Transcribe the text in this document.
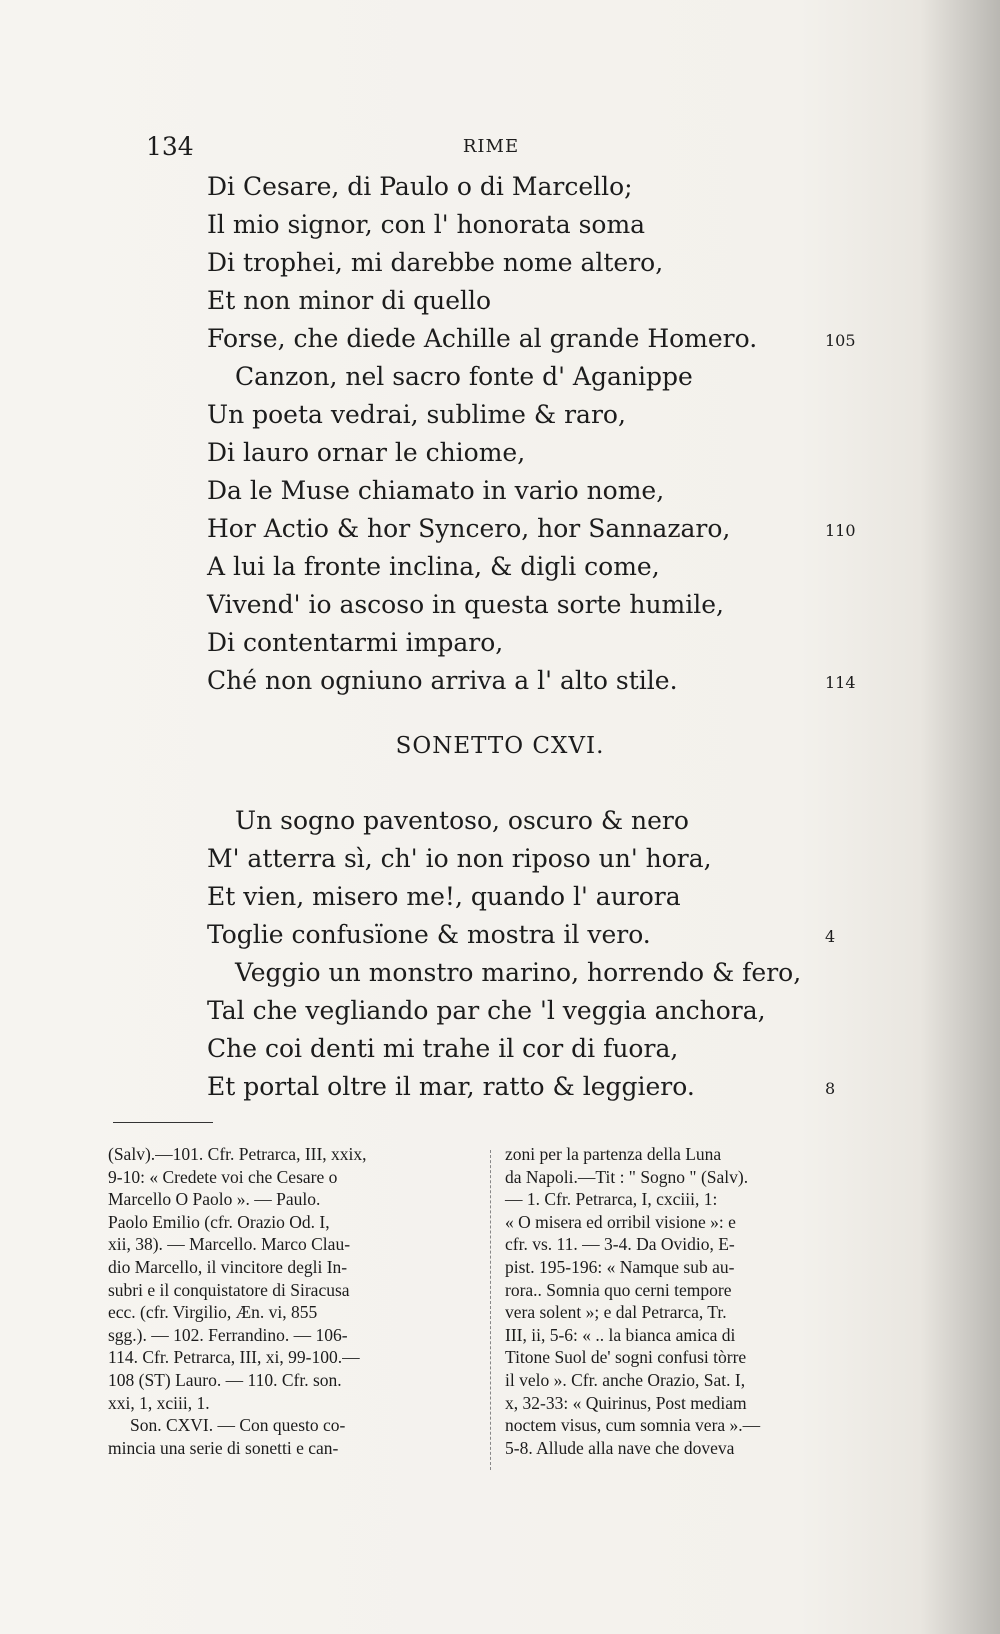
134	RIME
Di Cesare, di Paulo o di Marcello;
Il mio signor, con l' honorata soma
Di trophei, mi darebbe nome altero,
Et non minor di quello
Forse, che diede Achille al grande Homero.	105
Canzon, nel sacro fonte d' Aganippe
Un poeta vedrai, sublime & raro,
Di lauro ornar le chiome,
Da le Muse chiamato in vario nome,
Hor Actio & hor Syncero, hor Sannazaro,	110
A lui la fronte inclina, & digli come,
Vivend' io ascoso in questa sorte humile,
Di contentarmi imparo,
Ché non ogniuno arriva a l' alto stile.	114
SONETTO CXVI.
Un sogno paventoso, oscuro & nero
M' atterra sì, ch' io non riposo un' hora,
Et vien, misero me!, quando l' aurora
Toglie confusïone & mostra il vero.	4
Veggio un monstro marino, horrendo & fero,
Tal che vegliando par che 'l veggia anchora,
Che coi denti mi trahe il cor di fuora,
Et portal oltre il mar, ratto & leggiero.	8
(Salv).—101. Cfr. Petrarca, III, xxix,
9-10: « Credete voi che Cesare o
Marcello O Paolo ». — Paulo.
Paolo Emilio (cfr. Orazio Od. I,
xii, 38). — Marcello. Marco Clau-
dio Marcello, il vincitore degli In-
subri e il conquistatore di Siracusa
ecc. (cfr. Virgilio, Æn. vi, 855
sgg.). — 102. Ferrandino. — 106-
114. Cfr. Petrarca, III, xi, 99-100.—
108 (ST) Lauro. — 110. Cfr. son.
xxi, 1, xciii, 1.
Son. CXVI. — Con questo co-
mincia una serie di sonetti e can-
zoni per la partenza della Luna
da Napoli.—Tit : " Sogno " (Salv).
— 1. Cfr. Petrarca, I, cxciii, 1:
« O misera ed orribil visione »: e
cfr. vs. 11. — 3-4. Da Ovidio, E-
pist. 195-196: « Namque sub au-
rora.. Somnia quo cerni tempore
vera solent »; e dal Petrarca, Tr.
III, ii, 5-6: « .. la bianca amica di
Titone Suol de' sogni confusi tòrre
il velo ». Cfr. anche Orazio, Sat. I,
x, 32-33: « Quirinus, Post mediam
noctem visus, cum somnia vera ».—
5-8. Allude alla nave che doveva
